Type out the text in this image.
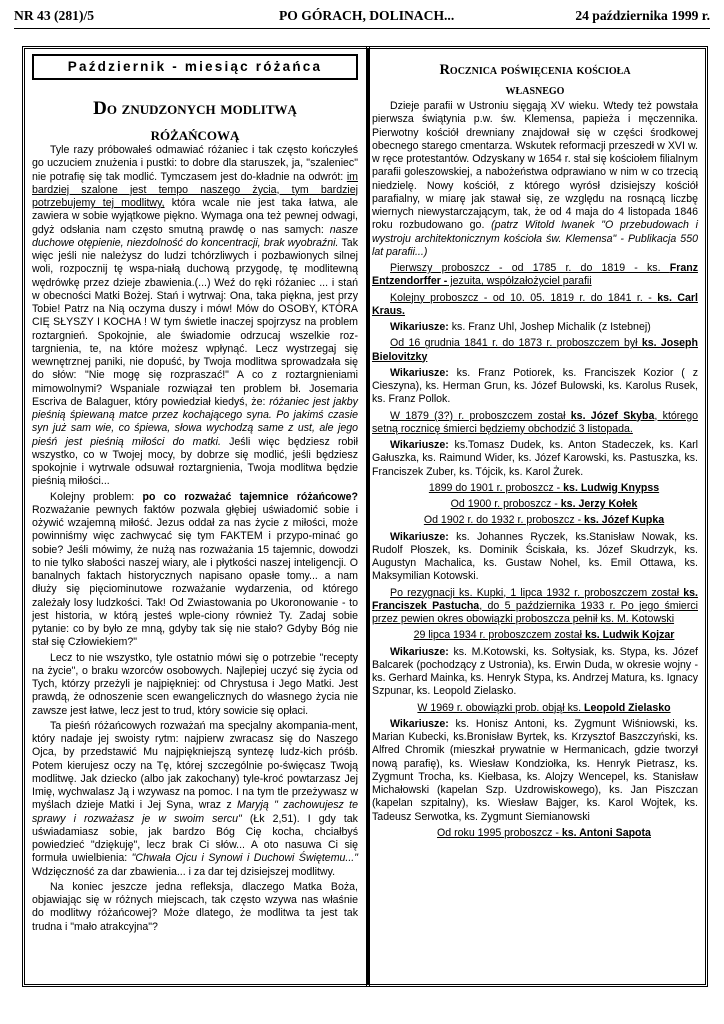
NR 43 (281)/5	PO GÓRACH, DOLINACH...	24 października 1999 r.
Październik - miesiąc różańca
Do znudzonych modlitwą
różańcową

Tyle razy próbowałeś odmawiać różaniec i tak często kończyłeś go uczuciem znużenia i pustki: to dobre dla staruszek, ja, "szaleniec" nie potrafię się tak modlić. Tymczasem jest do-kładnie na odwrót: im bardziej szalone jest tempo naszego życia, tym bardziej potrzebujemy tej modlitwy, która wcale nie jest taka łatwa, ale zawiera w sobie wyjątkowe piękno. Wymaga ona też pewnej odwagi, gdyż odsłania nam często smutną prawdę o nas samych: nasze duchowe otępienie, niezdolność do koncentracji, brak wyobraźni. Tak więc jeśli nie należysz do ludzi tchórzliwych i pozbawionych silnej woli, rozpocznij tę wspa-niałą duchową przygodę, tę modlitewną wędrówkę przez dzieje zbawienia.(...) Weź do ręki różaniec ... i stań w obecności Matki Bożej. Stań i wytrwaj: Ona, taka piękna, jest przy Tobie! Patrz na Nią oczyma duszy i mów! Mów do OSOBY, KTÓRA CIĘ SŁYSZY I KOCHA ! W tym świetle inaczej spojrzysz na problem roztargnień. Spokojnie, ale świadomie odrzucaj wszelkie roz-targnienia, te, na które możesz wpłynąć. Lecz wystrzegaj się wewnętrznej paniki, nie dopuść, by Twoja modlitwa sprowadzała się do słów: "Nie mogę się rozpraszać!" A co z roztargnieniami mimowolnymi? Wspaniale rozwiązał ten problem bł. Josemaria Escriva de Balaguer, który powiedział kiedyś, że: różaniec jest jakby pieśnią śpiewaną matce przez kochającego syna. Po jakimś czasie syn już sam wie, co śpiewa, słowa wychodzą same z ust, ale jego pieśń jest pieśnią miłości do matki. Jeśli więc będziesz robił wszystko, co w Twojej mocy, by dobrze się modlić, jeśli będziesz spokojnie i wytrwale odsuwał roztargnienia, Twoja modlitwa będzie pieśnią miłości...

Kolejny problem: po co rozważać tajemnice różańcowe? Rozważanie pewnych faktów pozwala głębiej uświadomić sobie i ożywić wzajemną miłość. Jezus oddał za nas życie z miłości, może powinniśmy więc zachwycać się tym FAKTEM i przypo-minać go sobie? Jeśli mówimy, że nużą nas rozważania 15 tajemnic, dowodzi to nie tylko słabości naszej wiary, ale i płytkości naszej inteligencji. O banalnych faktach historycznych napisano opasłe tomy... a nam dłuży się pięciominutowe rozważanie wydarzenia, od którego zależały losy ludzkości. Tak! Od Zwiastowania po Ukoronowanie - to jest historia, w którą jesteś wplе-ciony również Ty. Zadaj sobie pytanie: co by było ze mną, gdyby tak się nie stało? Gdyby Bóg nie stał się Człowiekiem?"

Lecz to nie wszystko, tyle ostatnio mówi się o potrzebie "recepty na życie", o braku wzorców osobowych. Najlepiej uczyć się życia od Tych, którzy przeżyli je najpiękniej: od Chrystusa i Jego Matki. Jest prawdą, że odnoszenie scen ewangelicznych do własnego życia nie zawsze jest łatwe, lecz jest to trud, który sowicie się opłaci.

Ta pieśń różańcowych rozważań ma specjalny akompania-ment, który nadaje jej swoisty rytm: najpierw zwracasz się do Naszego Ojca, by przedstawić Mu najpiękniejszą syntezę ludz-kich próśb. Potem kierujesz oczy na Tę, której szczególnie po-święcasz Twoją modlitwę. Jak dziecko (albo jak zakochany) tyle-kroć powtarzasz Jej Imię, wychwalasz Ją i wzywasz na pomoc. I na tym tle przeżywasz w myślach dzieje Matki i Jej Syna, wraz z Maryją " zachowujesz te sprawy i rozważasz je w swoim sercu" (Łk 2,51). I gdy tak uświadamiasz sobie, jak bardzo Bóg Cię kocha, chciałbyś powiedzieć "dziękuję", lecz brak Ci słów... A oto nasuwa Ci się formuła uwielbienia: "Chwała Ojcu i Synowi i Duchowi Świętemu..." Wdzięczność za dar zbawienia... i za dar tej dzisiejszej modlitwy.

Na koniec jeszcze jedna refleksja, dlaczego Matka Boża, objawiając się w różnych miejscach, tak często wzywa nas właśnie do modlitwy różańcowej? Może dlatego, że modlitwa ta jest tak trudna i "mało atrakcyjna"?

Rocznica poświęcenia kościoła
własnego

Dzieje parafii w Ustroniu sięgają XV wieku. Wtedy też powstała pierwsza świątynia p.w. św. Klemensa, papieża i męczennika. Pierwotny kościół drewniany znajdował się w części środkowej obecnego starego cmentarza. Wskutek reformacji przeszedł w XVI w. w ręce protestantów. Odzyskany w 1654 r. stał się kościołem filialnym parafii goleszowskiej, a nabożeństwa odprawiano w nim w co trzecią niedzielę. Nowy kościół, z którego wyrósł dzisiejszy kościół parafialny, w miarę jak stawał się, ze względu na rosnącą liczbę wiernych niewystarczającym, tak, że od 4 maja do 4 listopada 1846 roku rozbudowano go. (patrz Witold Iwanek "O przebudowach i wystroju architektonicznym kościoła św. Klemensa" - Publikacja 550 lat parafii...)

Pierwszy proboszcz - od 1785 r. do 1819 - ks. Franz Entzendorffer - jezuita, współzałożyciel parafii

Kolejny proboszcz - od 10. 05. 1819 r. do 1841 r. - ks. Carl Kraus.

Wikariusze: ks. Franz Uhl, Joshep Michalik (z Istebnej)

Od 16 grudnia 1841 r. do 1873 r. proboszczem był ks. Joseph Bielovitzky

Wikariusze: ks. Franz Potiorek, ks. Franciszek Kozior ( z Cieszyna), ks. Herman Grun, ks. Józef Bulowski, ks. Karolus Rusek, ks. Franz Pollok.

W 1879 (3?) r. proboszczem został ks. Józef Skyba, którego setną rocznicę śmierci będziemy obchodzić 3 listopada.

Wikariusze: ks.Tomasz Dudek, ks. Anton Stadeczek, ks. Karl Gałuszka, ks. Raimund Wider, ks. Józef Karowski, ks. Pastuszka, ks. Franciszek Zuber, ks. Tójcik, ks. Karol Żurek.

1899 do 1901 r. proboszcz - ks. Ludwig Knypss

Od 1900 r. proboszcz - ks. Jerzy Kołek

Od 1902 r. do 1932 r. proboszcz - ks. Józef Kupka

Wikariusze: ks. Johannes Ryczek, ks.Stanisław Nowak, ks. Rudolf Płoszek, ks. Dominik Ściskała, ks. Józef Skudrzyk, ks. Augustyn Machalica, ks. Gustaw Nohel, ks. Emil Ottawa, ks. Maksymilian Kotowski.

Po rezygnacji ks. Kupki, 1 lipca 1932 r. proboszczem został ks. Franciszek Pastucha, do 5 października 1933 r. Po jego śmierci przez pewien okres obowiązki proboszcza pełnił ks. M. Kotowski

29 lipca 1934 r. proboszczem został ks. Ludwik Kojzar

Wikariusze: ks. M.Kotowski, ks. Sołtysiak, ks. Stypa, ks. Józef Balcarek (pochodzący z Ustronia), ks. Erwin Duda, w okresie wojny - ks. Gerhard Mainka, ks. Henryk Stypa, ks. Andrzej Matura, ks. Ignacy Szpunar, ks. Leopold Zielasko.

W 1969 r. obowiązki prob. objął ks. Leopold Zielasko

Wikariusze: ks. Honisz Antoni, ks. Zygmunt Wiśniowski, ks. Marian Kubecki, ks.Bronisław Byrtek, ks. Krzysztof Baszczyński, ks. Alfred Chromik (mieszkał prywatnie w Hermanicach, gdzie tworzył nową parafię), ks. Wiesław Kondziołka, ks. Henryk Pietrasz, ks. Zygmunt Trocha, ks. Kiełbasa, ks. Alojzy Wencepel, ks. Stanisław Michałowski (kapelan Szp. Uzdrowiskowego), ks. Jan Piszczan (kapelan szpitalny), ks. Wiesław Bajger, ks. Karol Wojtek, ks. Tadeusz Serwotka, ks. Zygmunt Siemianowski

Od roku 1995 proboszcz - ks. Antoni Sapota
